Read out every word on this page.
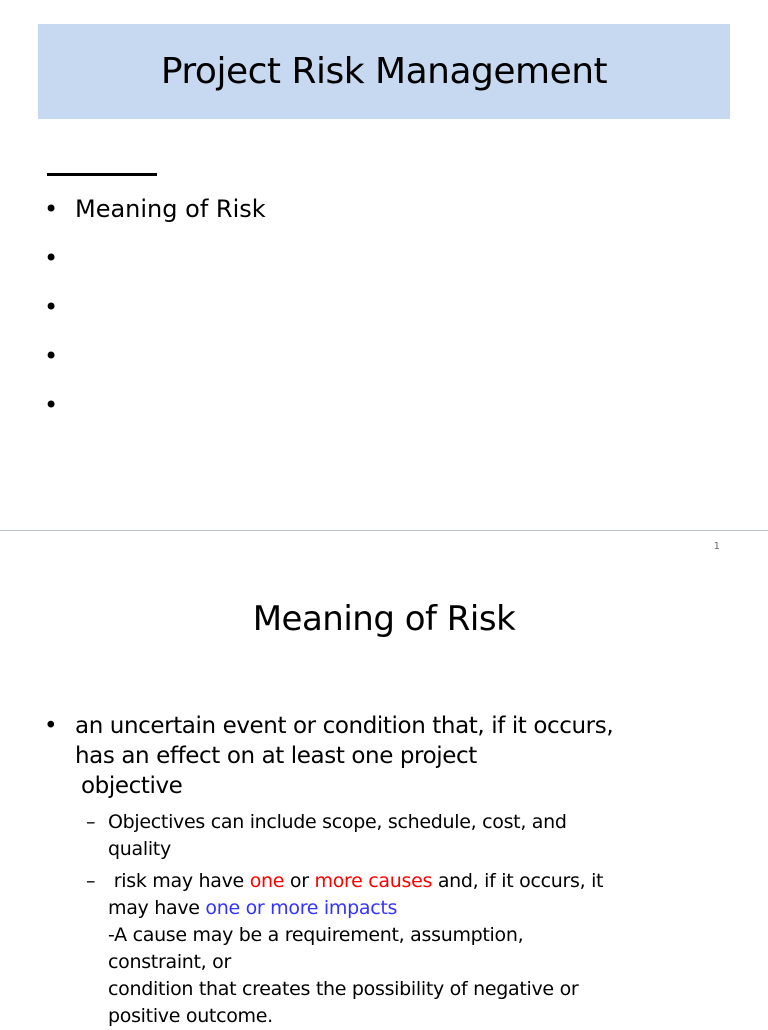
Project Risk Management
• Meaning of Risk
•
•
•
•
1
Meaning of Risk
• an uncertain event or condition that, if it occurs,
has an effect on at least one project

objective
– Objectives can include scope, schedule, cost, and
quality
– risk may have one or more causes and, if it occurs, it
may have one or more impacts
-A cause may be a requirement, assumption,
constraint, or
condition that creates the possibility of negative or
positive outcome.
